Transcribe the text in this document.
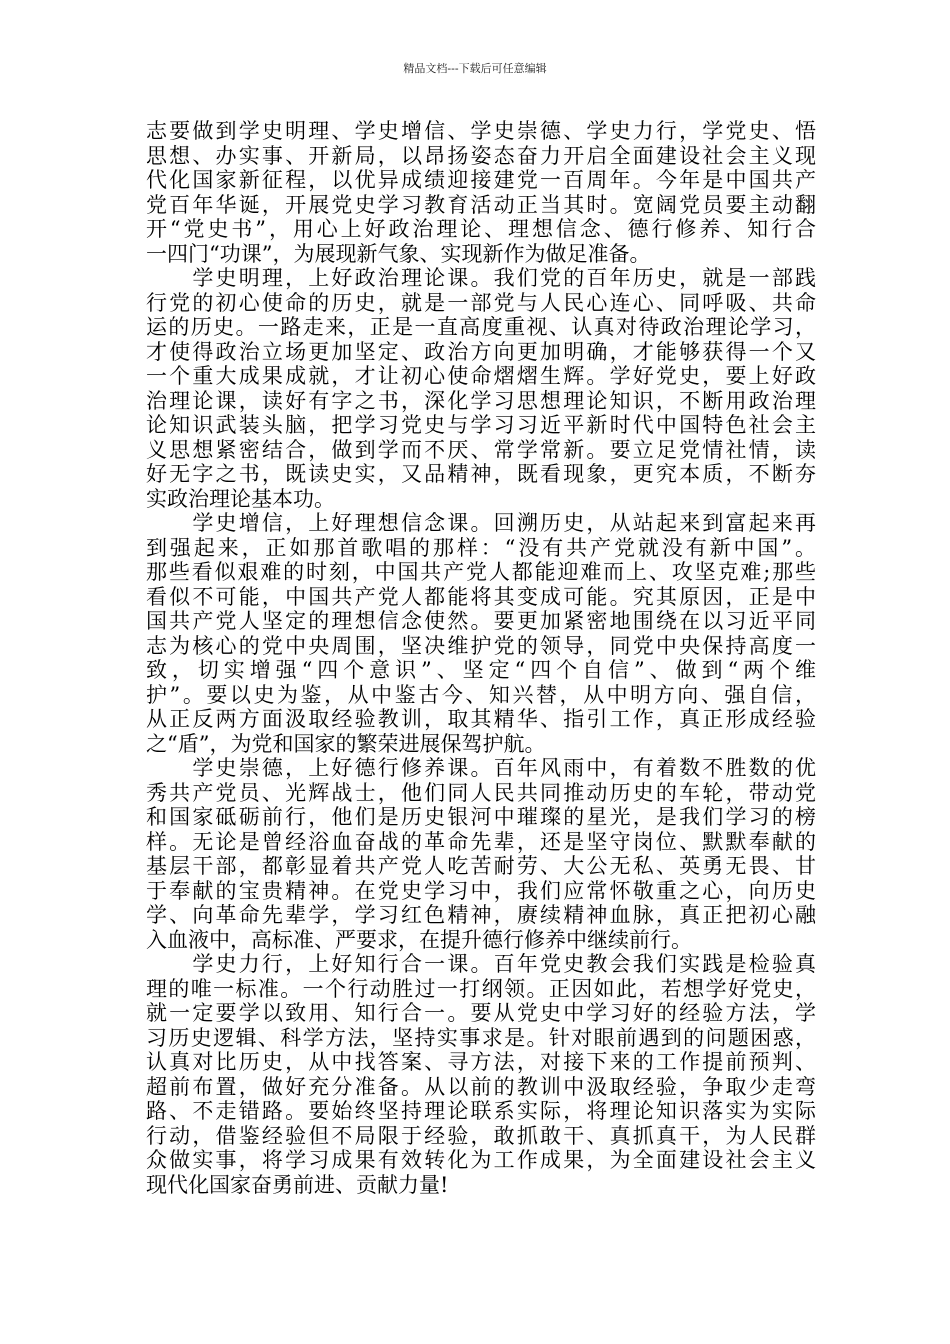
精品文档---下载后可任意编辑
志要做到学史明理、学史增信、学史崇德、学史力行，学党史、悟
思想、办实事、开新局，以昂扬姿态奋力开启全面建设社会主义现
代化国家新征程，以优异成绩迎接建党一百周年。今年是中国共产
党百年华诞，开展党史学习教育活动正当其时。宽阔党员要主动翻
开“党史书”，用心上好政治理论、理想信念、德行修养、知行合
一四门“功课”，为展现新气象、实现新作为做足准备。
　　学史明理，上好政治理论课。我们党的百年历史，就是一部践
行党的初心使命的历史，就是一部党与人民心连心、同呼吸、共命
运的历史。一路走来，正是一直高度重视、认真对待政治理论学习，
才使得政治立场更加坚定、政治方向更加明确，才能够获得一个又
一个重大成果成就，才让初心使命熠熠生辉。学好党史，要上好政
治理论课，读好有字之书，深化学习思想理论知识，不断用政治理
论知识武装头脑，把学习党史与学习习近平新时代中国特色社会主
义思想紧密结合，做到学而不厌、常学常新。要立足党情社情，读
好无字之书，既读史实，又品精神，既看现象，更究本质，不断夯
实政治理论基本功。
　　学史增信，上好理想信念课。回溯历史，从站起来到富起来再
到强起来，正如那首歌唱的那样：“没有共产党就没有新中国”。
那些看似艰难的时刻，中国共产党人都能迎难而上、攻坚克难;那些
看似不可能，中国共产党人都能将其变成可能。究其原因，正是中
国共产党人坚定的理想信念使然。要更加紧密地围绕在以习近平同
志为核心的党中央周围，坚决维护党的领导，同党中央保持高度一
致，切实增强“四个意识”、坚定“四个自信”、做到“两个维
护”。要以史为鉴，从中鉴古今、知兴替，从中明方向、强自信，
从正反两方面汲取经验教训，取其精华、指引工作，真正形成经验
之“盾”，为党和国家的繁荣进展保驾护航。
　　学史崇德，上好德行修养课。百年风雨中，有着数不胜数的优
秀共产党员、光辉战士，他们同人民共同推动历史的车轮，带动党
和国家砥砺前行，他们是历史银河中璀璨的星光，是我们学习的榜
样。无论是曾经浴血奋战的革命先辈，还是坚守岗位、默默奉献的
基层干部，都彰显着共产党人吃苦耐劳、大公无私、英勇无畏、甘
于奉献的宝贵精神。在党史学习中，我们应常怀敬重之心，向历史
学、向革命先辈学，学习红色精神，赓续精神血脉，真正把初心融
入血液中，高标准、严要求，在提升德行修养中继续前行。
　　学史力行，上好知行合一课。百年党史教会我们实践是检验真
理的唯一标准。一个行动胜过一打纲领。正因如此，若想学好党史，
就一定要学以致用、知行合一。要从党史中学习好的经验方法，学
习历史逻辑、科学方法，坚持实事求是。针对眼前遇到的问题困惑，
认真对比历史，从中找答案、寻方法，对接下来的工作提前预判、
超前布置，做好充分准备。从以前的教训中汲取经验，争取少走弯
路、不走错路。要始终坚持理论联系实际，将理论知识落实为实际
行动，借鉴经验但不局限于经验，敢抓敢干、真抓真干，为人民群
众做实事，将学习成果有效转化为工作成果，为全面建设社会主义
现代化国家奋勇前进、贡献力量!
